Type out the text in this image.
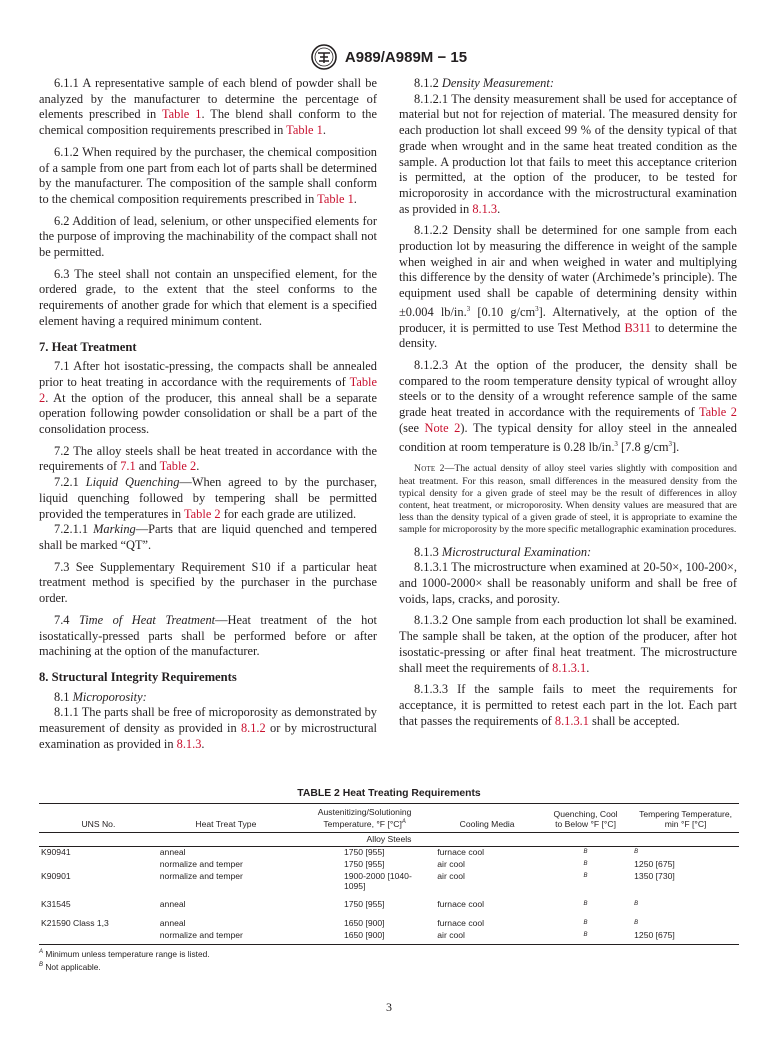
A989/A989M − 15

6.1.1 A representative sample of each blend of powder shall be analyzed by the manufacturer to determine the percentage of elements prescribed in Table 1. The blend shall conform to the chemical composition requirements prescribed in Table 1.

6.1.2 When required by the purchaser, the chemical composition of a sample from one part from each lot of parts shall be determined by the manufacturer. The composition of the sample shall conform to the chemical composition requirements prescribed in Table 1.

6.2 Addition of lead, selenium, or other unspecified elements for the purpose of improving the machinability of the compact shall not be permitted.

6.3 The steel shall not contain an unspecified element, for the ordered grade, to the extent that the steel conforms to the requirements of another grade for which that element is a specified element having a required minimum content.

7. Heat Treatment

7.1 After hot isostatic-pressing, the compacts shall be annealed prior to heat treating in accordance with the requirements of Table 2. At the option of the producer, this anneal shall be a separate operation following powder consolidation or shall be a part of the consolidation process.

7.2 The alloy steels shall be heat treated in accordance with the requirements of 7.1 and Table 2.

7.2.1 Liquid Quenching—When agreed to by the purchaser, liquid quenching followed by tempering shall be permitted provided the temperatures in Table 2 for each grade are utilized.

7.2.1.1 Marking—Parts that are liquid quenched and tempered shall be marked “QT”.

7.3 See Supplementary Requirement S10 if a particular heat treatment method is specified by the purchaser in the purchase order.

7.4 Time of Heat Treatment—Heat treatment of the hot isostatically-pressed parts shall be performed before or after machining at the option of the manufacturer.

8. Structural Integrity Requirements

8.1 Microporosity:

8.1.1 The parts shall be free of microporosity as demonstrated by measurement of density as provided in 8.1.2 or by microstructural examination as provided in 8.1.3.

8.1.2 Density Measurement:

8.1.2.1 The density measurement shall be used for acceptance of material but not for rejection of material. The measured density for each production lot shall exceed 99 % of the density typical of that grade when wrought and in the same heat treated condition as the sample. A production lot that fails to meet this acceptance criterion is permitted, at the option of the producer, to be tested for microporosity in accordance with the microstructural examination as provided in 8.1.3.

8.1.2.2 Density shall be determined for one sample from each production lot by measuring the difference in weight of the sample when weighed in air and when weighed in water and multiplying this difference by the density of water (Archimede’s principle). The equipment used shall be capable of determining density within ±0.004 lb/in.$^3$ [0.10 $g/cm^3$]. Alternatively, at the option of the producer, it is permitted to use Test Method B311 to determine the density.

8.1.2.3 At the option of the producer, the density shall be compared to the room temperature density typical of wrought alloy steels or to the density of a wrought reference sample of the same grade heat treated in accordance with the requirements of Table 2 (see Note 2). The typical density for alloy steel in the annealed condition at room temperature is 0.28 lb/in.$^3$ [7.8 $g/cm^3$].

Note 2—The actual density of alloy steel varies slightly with composition and heat treatment. For this reason, small differences in the measured density from the typical density for a given grade of steel may be the result of differences in alloy content, heat treatment, or microporosity. When density values are measured that are less than the density typical of a given grade of steel, it is appropriate to examine the sample for microporosity by the more specific metallographic examination procedures.

8.1.3 Microstructural Examination:

8.1.3.1 The microstructure when examined at 20-50×, 100-200×, and 1000-2000× shall be reasonably uniform and shall be free of voids, laps, cracks, and porosity.

8.1.3.2 One sample from each production lot shall be examined. The sample shall be taken, at the option of the producer, after hot isostatic-pressing or after final heat treatment. The microstructure shall meet the requirements of 8.1.3.1.

8.1.3.3 If the sample fails to meet the requirements for acceptance, it is permitted to retest each part in the lot. Each part that passes the requirements of 8.1.3.1 shall be accepted.

TABLE 2 Heat Treating Requirements
UNS No.	Heat Treat Type	Austenitizing/Solutioning
Temperature, °F [°C]$^A$	Cooling Media	Quenching, Cool
to Below °F [°C]	Tempering Temperature,
min °F [°C]
Alloy Steels					
K90941	anneal	1750 [955]	furnace cool	$^B$	$^B$
	normalize and temper	1750 [955]	air cool	$^B$	1250 [675]
K90901	normalize and temper	1900-2000 [1040-1095]	air cool	$^B$	1350 [730]

K31545	anneal	1750 [955]	furnace cool	$^B$	$^B$

K21590 Class 1,3	anneal	1650 [900]	furnace cool	$^B$	$^B$
	normalize and temper	1650 [900]	air cool	$^B$	1250 [675]
$^A$ Minimum unless temperature range is listed.
$^B$ Not applicable.
3
